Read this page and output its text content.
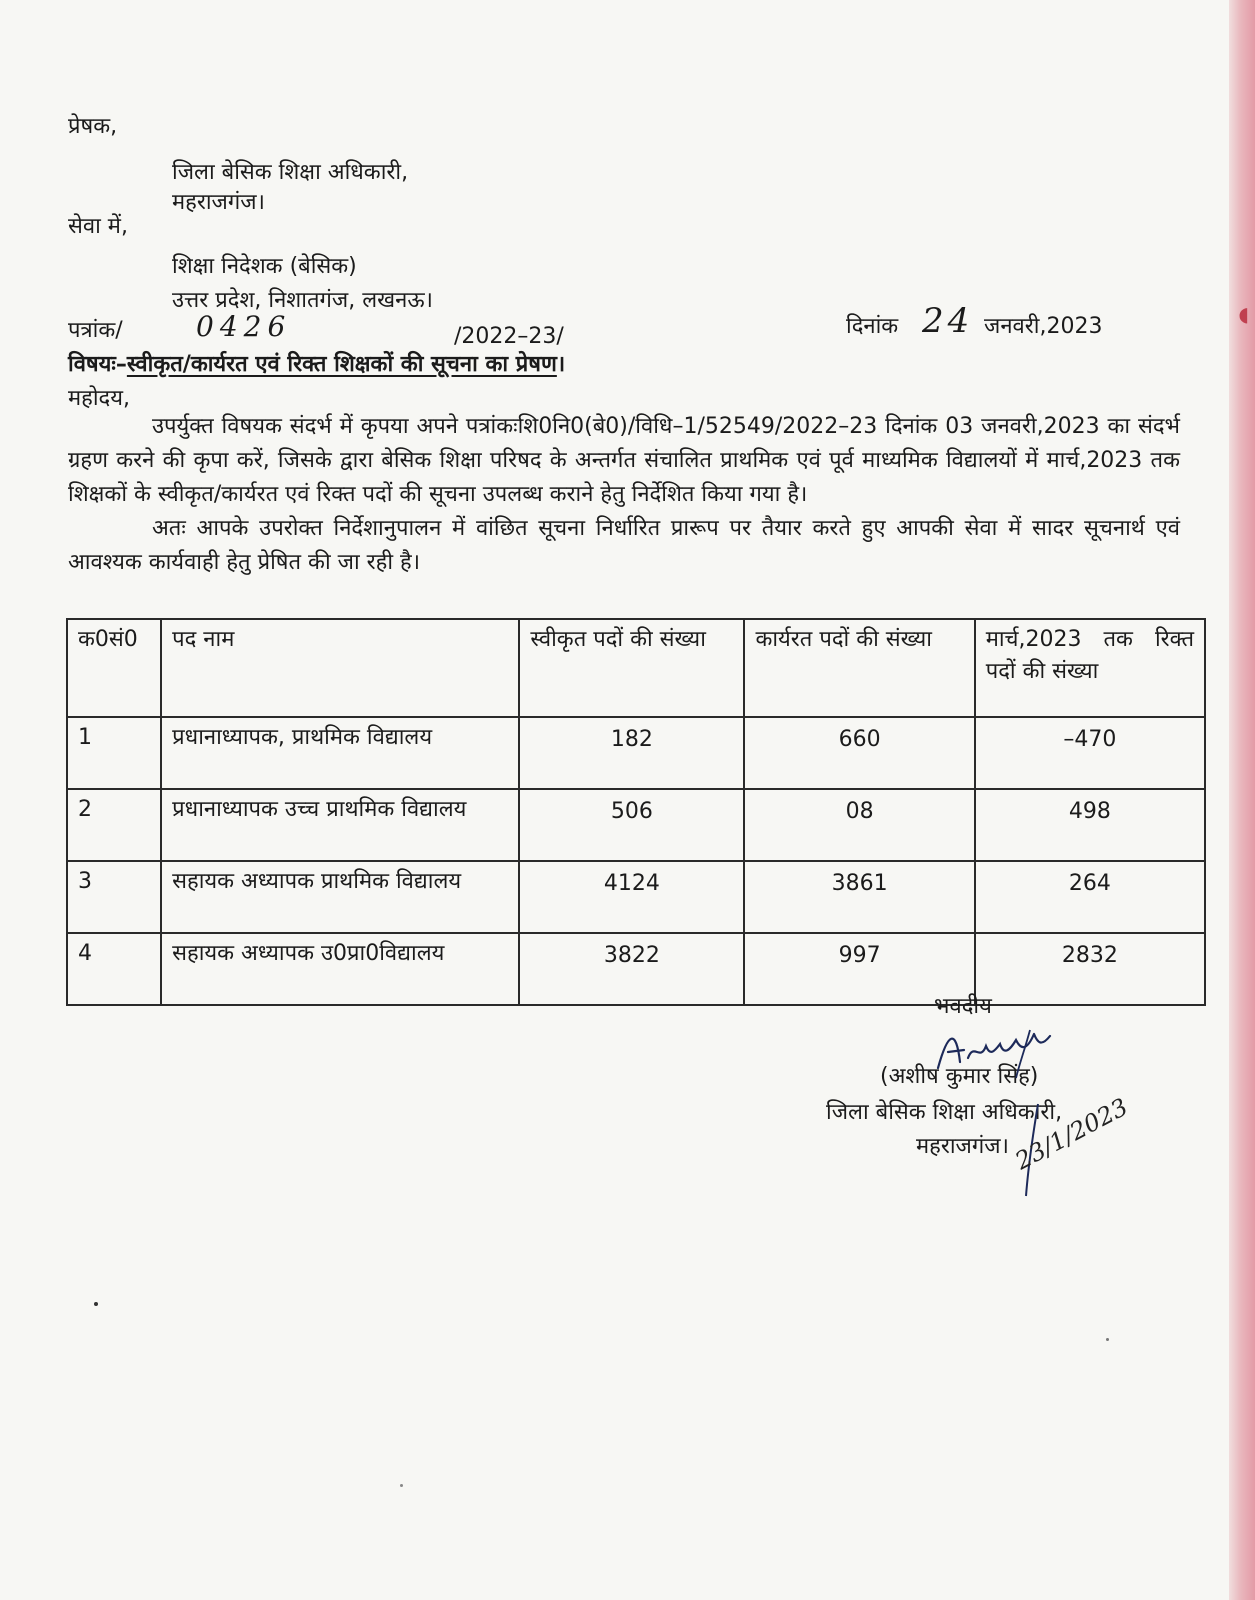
◖
प्रेषक,
जिला बेसिक शिक्षा अधिकारी,
महराजगंज।
सेवा में,
शिक्षा निदेशक (बेसिक)
उत्तर प्रदेश, निशातगंज, लखनऊ।
पत्रांक/	0426	/2022–23/	दिनांक 24 जनवरी,2023
विषयः–स्वीकृत/कार्यरत एवं रिक्त शिक्षकों की सूचना का प्रेषण।
महोदय,

उपर्युक्त विषयक संदर्भ में कृपया अपने पत्रांकःशि0नि0(बे0)/विधि–1/52549/2022–23 दिनांक 03 जनवरी,2023 का संदर्भ ग्रहण करने की कृपा करें, जिसके द्वारा बेसिक शिक्षा परिषद के अन्तर्गत संचालित प्राथमिक एवं पूर्व माध्यमिक विद्यालयों में मार्च,2023 तक शिक्षकों के स्वीकृत/कार्यरत एवं रिक्त पदों की सूचना उपलब्ध कराने हेतु निर्देशित किया गया है।

अतः आपके उपरोक्त निर्देशानुपालन में वांछित सूचना निर्धारित प्रारूप पर तैयार करते हुए आपकी सेवा में सादर सूचनार्थ एवं आवश्यक कार्यवाही हेतु प्रेषित की जा रही है।

क0सं0	पद नाम	स्वीकृत पदों की संख्या	कार्यरत पदों की संख्या	मार्च,2023 तक रिक्त पदों की संख्या
1	प्रधानाध्यापक, प्राथमिक विद्यालय	182	660	–470
2	प्रधानाध्यापक उच्च प्राथमिक विद्यालय	506	08	498
3	सहायक अध्यापक प्राथमिक विद्यालय	4124	3861	264
4	सहायक अध्यापक उ0प्रा0विद्यालय	3822	997	2832
भवदीय
(अशीष कुमार सिंह)
जिला बेसिक शिक्षा अधिकारी,
महराजगंज। 23/1/2023
